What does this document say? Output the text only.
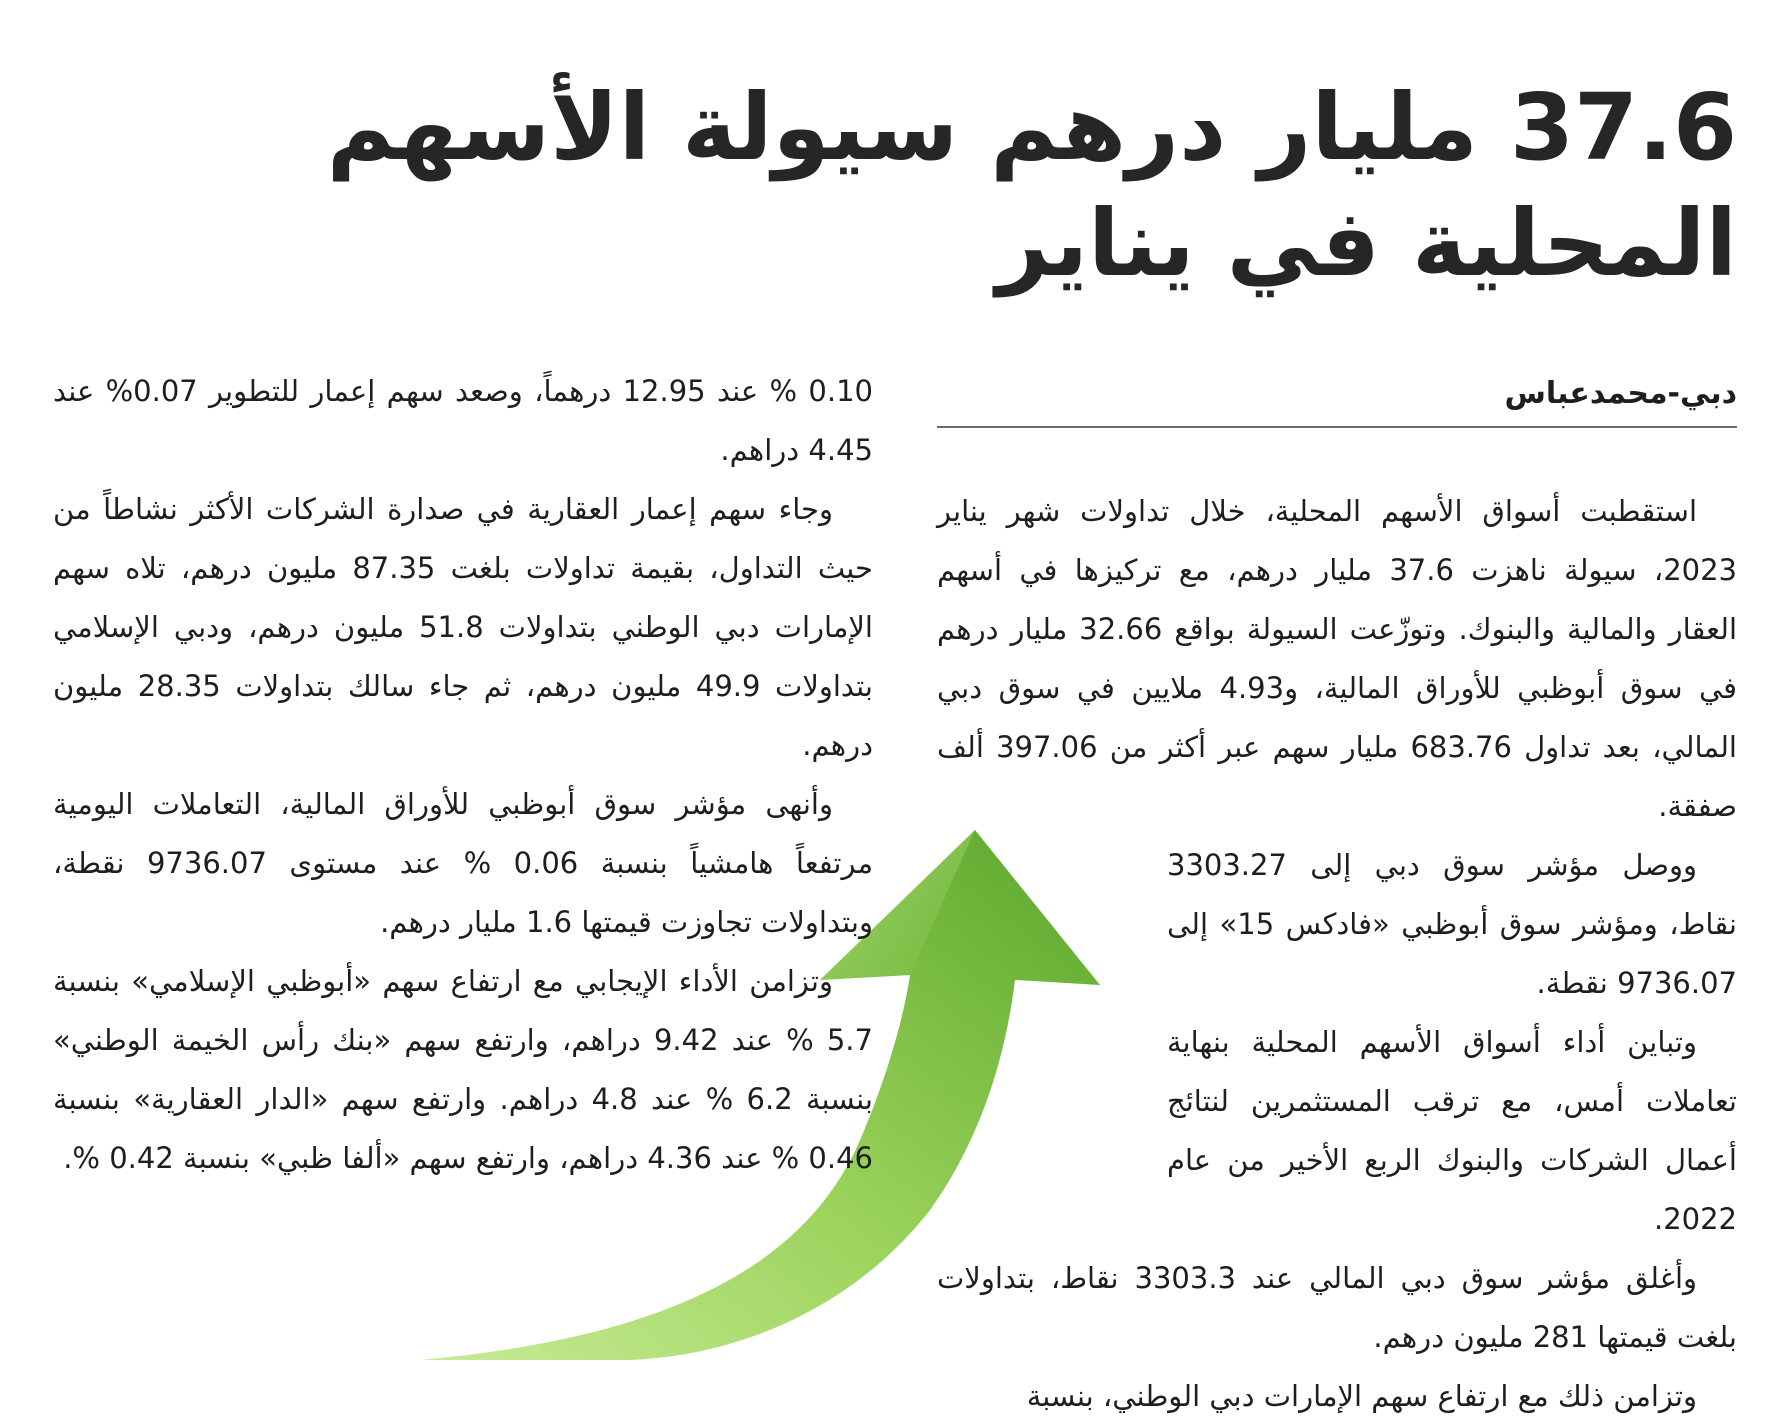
37.6 مليار درهم سيولة الأسهم
المحلية في يناير
دبي-محمدعباس

استقطبت أسواق الأسهم المحلية، خلال تداولات شهر يناير 2023، سيولة ناهزت 37.6 مليار درهم، مع تركيزها في أسهم العقار والمالية والبنوك. وتوزّعت السيولة بواقع 32.66 مليار درهم في سوق أبوظبي للأوراق المالية، و4.93 ملايين في سوق دبي المالي، بعد تداول 683.76 مليار سهم عبر أكثر من 397.06 ألف صفقة.

ووصل مؤشر سوق دبي إلى 3303.27 نقاط، ومؤشر سوق أبوظبي «فادكس 15» إلى 9736.07 نقطة.

وتباين أداء أسواق الأسهم المحلية بنهاية تعاملات أمس، مع ترقب المستثمرين لنتائج أعمال الشركات والبنوك الربع الأخير من عام 2022.

وأغلق مؤشر سوق دبي المالي عند 3303.3 نقاط، بتداولات بلغت قيمتها 281 مليون درهم.

وتزامن ذلك مع ارتفاع سهم الإمارات دبي الوطني، بنسبة

0.10 % عند 12.95 درهماً، وصعد سهم إعمار للتطوير 0.07% عند 4.45 دراهم.

وجاء سهم إعمار العقارية في صدارة الشركات الأكثر نشاطاً من حيث التداول، بقيمة تداولات بلغت 87.35 مليون درهم، تلاه سهم الإمارات دبي الوطني بتداولات 51.8 مليون درهم، ودبي الإسلامي بتداولات 49.9 مليون درهم، ثم جاء سالك بتداولات 28.35 مليون درهم.

وأنهى مؤشر سوق أبوظبي للأوراق المالية، التعاملات اليومية مرتفعاً هامشياً بنسبة 0.06 % عند مستوى 9736.07 نقطة، وبتداولات تجاوزت قيمتها 1.6 مليار درهم.

وتزامن الأداء الإيجابي مع ارتفاع سهم «أبوظبي الإسلامي» بنسبة 5.7 % عند 9.42 دراهم، وارتفع سهم «بنك رأس الخيمة الوطني» بنسبة 6.2 % عند 4.8 دراهم. وارتفع سهم «الدار العقارية» بنسبة 0.46 % عند 4.36 دراهم، وارتفع سهم «ألفا ظبي» بنسبة 0.42 %.
